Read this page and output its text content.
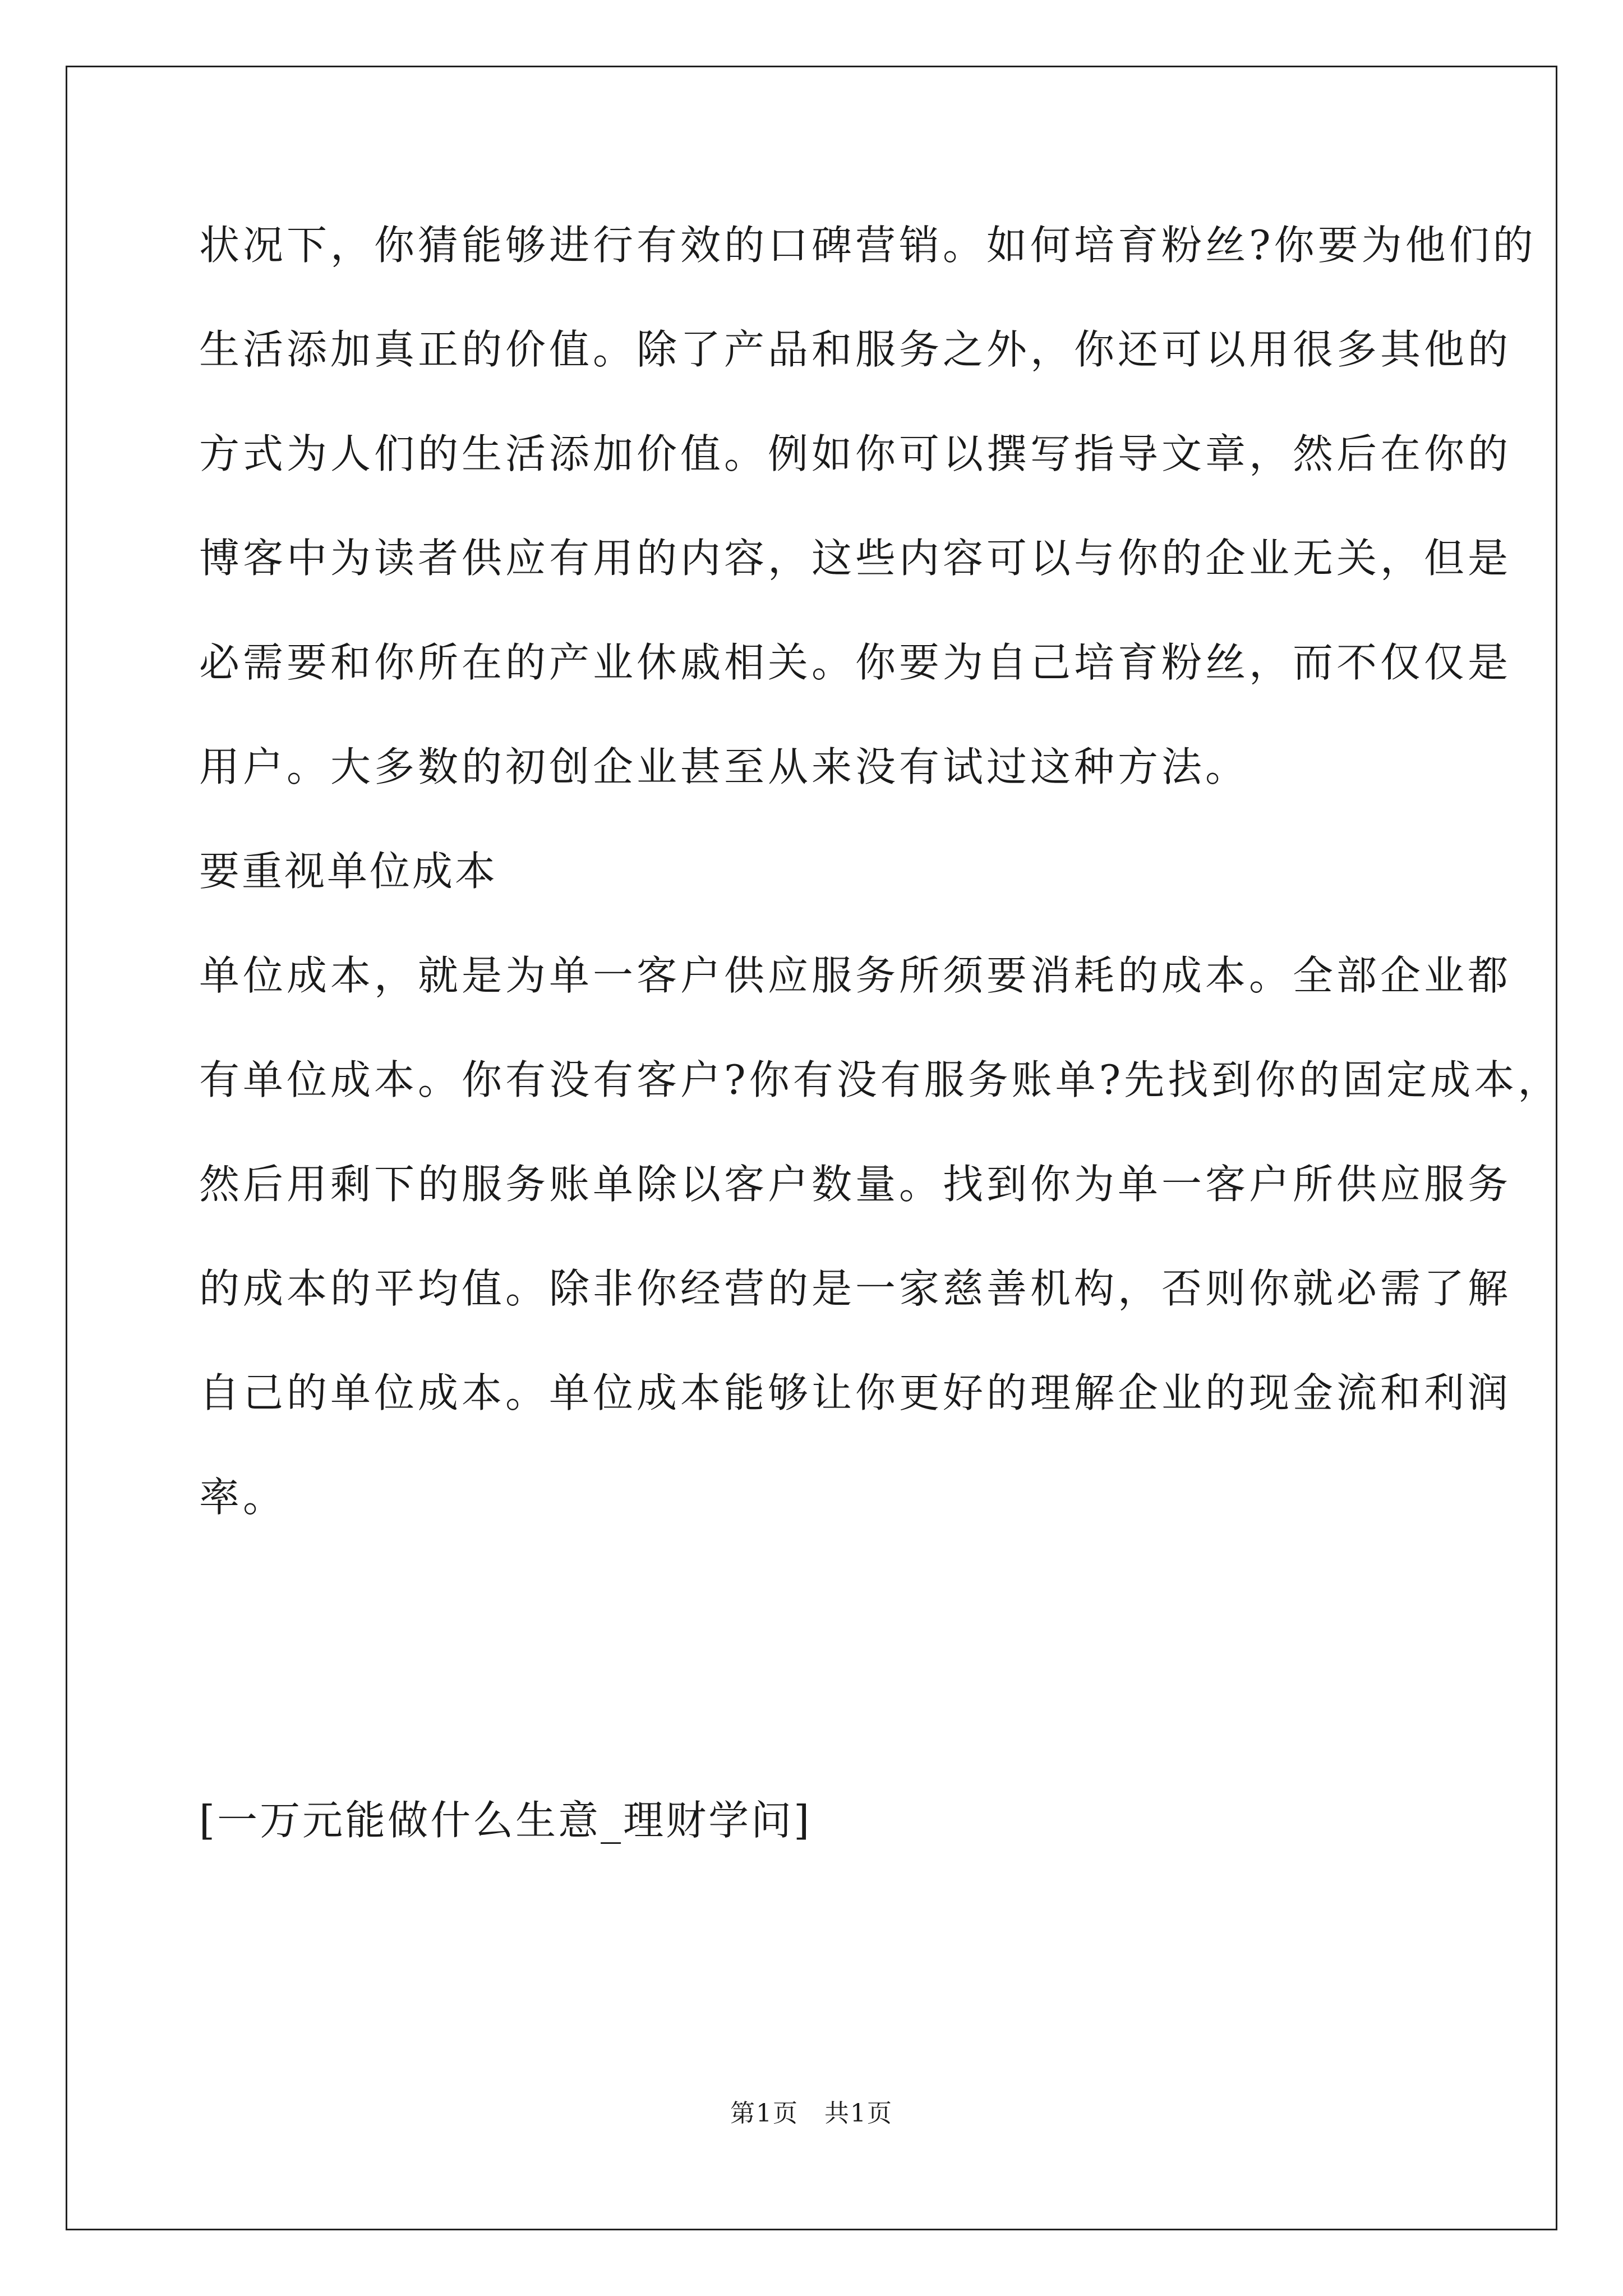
状况下，你猜能够进行有效的口碑营销。如何培育粉丝?你要为他们的
生活添加真正的价值。除了产品和服务之外，你还可以用很多其他的
方式为人们的生活添加价值。例如你可以撰写指导文章，然后在你的
博客中为读者供应有用的内容，这些内容可以与你的企业无关，但是
必需要和你所在的产业休戚相关。你要为自己培育粉丝，而不仅仅是
用户。大多数的初创企业甚至从来没有试过这种方法。
要重视单位成本
单位成本，就是为单一客户供应服务所须要消耗的成本。全部企业都
有单位成本。你有没有客户?你有没有服务账单?先找到你的固定成本，
然后用剩下的服务账单除以客户数量。找到你为单一客户所供应服务
的成本的平均值。除非你经营的是一家慈善机构，否则你就必需了解
自己的单位成本。单位成本能够让你更好的理解企业的现金流和利润
率。
[一万元能做什么生意_理财学问]
第1页　共1页
